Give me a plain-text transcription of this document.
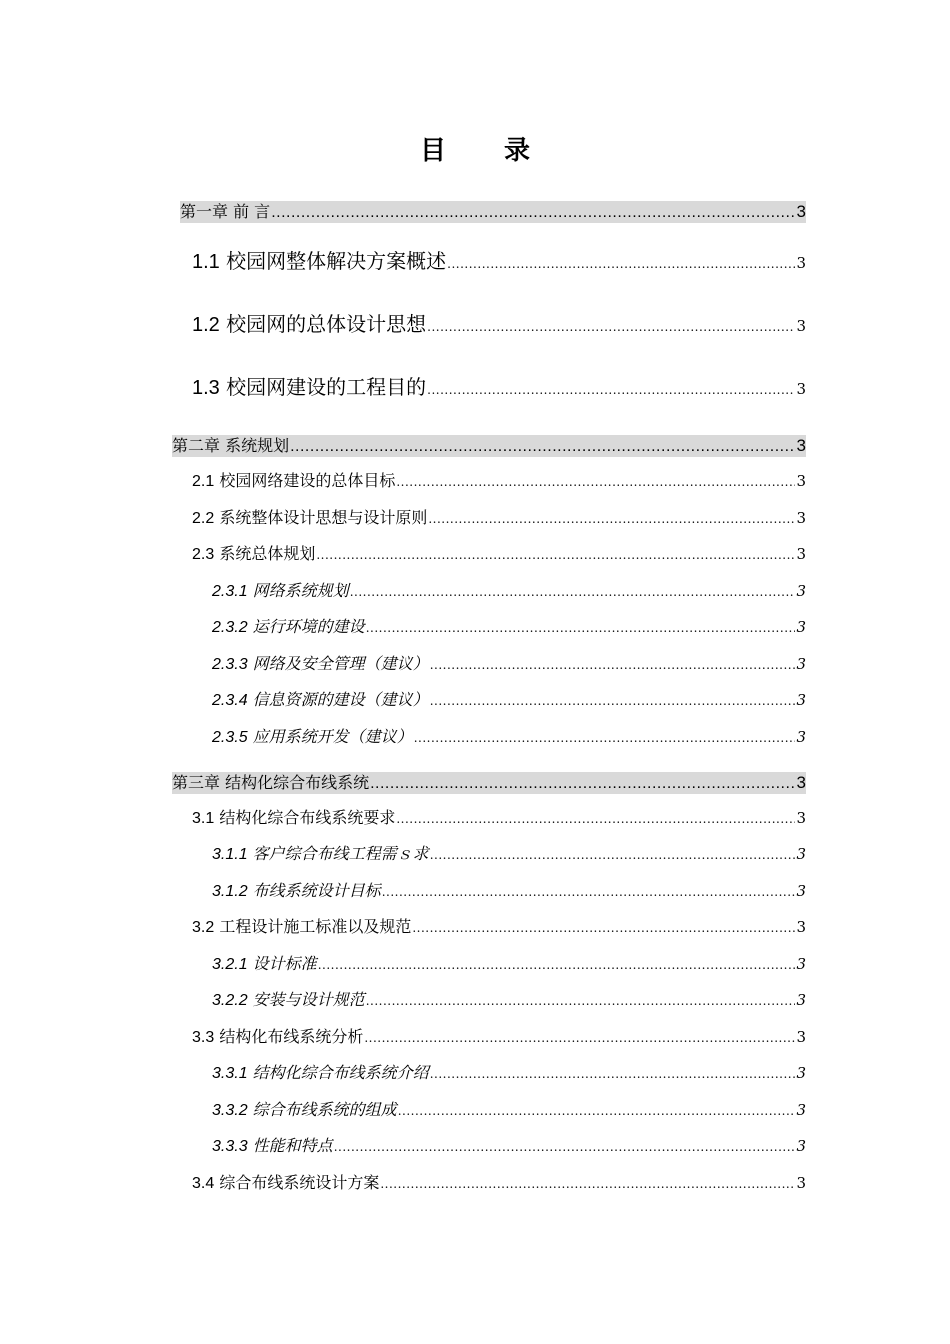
目 录
第一章 前 言 .....	3
1.1 校园网整体解决方案概述 .....	3
1.2 校园网的总体设计思想 .....	3
1.3 校园网建设的工程目的 .....	3
第二章 系统规划 .....	3
2.1 校园网络建设的总体目标 .....	3
2.2 系统整体设计思想与设计原则 .....	3
2.3 系统总体规划 .....	3
2.3.1 网络系统规划 .....	3
2.3.2 运行环境的建设 .....	3
2.3.3 网络及安全管理（建议） .....	3
2.3.4 信息资源的建设（建议） .....	3
2.3.5 应用系统开发（建议） .....	3
第三章 结构化综合布线系统 .....	3
3.1 结构化综合布线系统要求 .....	3
3.1.1 客户综合布线工程需ｓ求 .....	3
3.1.2 布线系统设计目标 .....	3
3.2 工程设计施工标准以及规范 .....	3
3.2.1 设计标准 .....	3
3.2.2 安装与设计规范 .....	3
3.3 结构化布线系统分析 .....	3
3.3.1 结构化综合布线系统介绍 .....	3
3.3.2 综合布线系统的组成 .....	3
3.3.3 性能和特点 .....	3
3.4 综合布线系统设计方案 .....	3
